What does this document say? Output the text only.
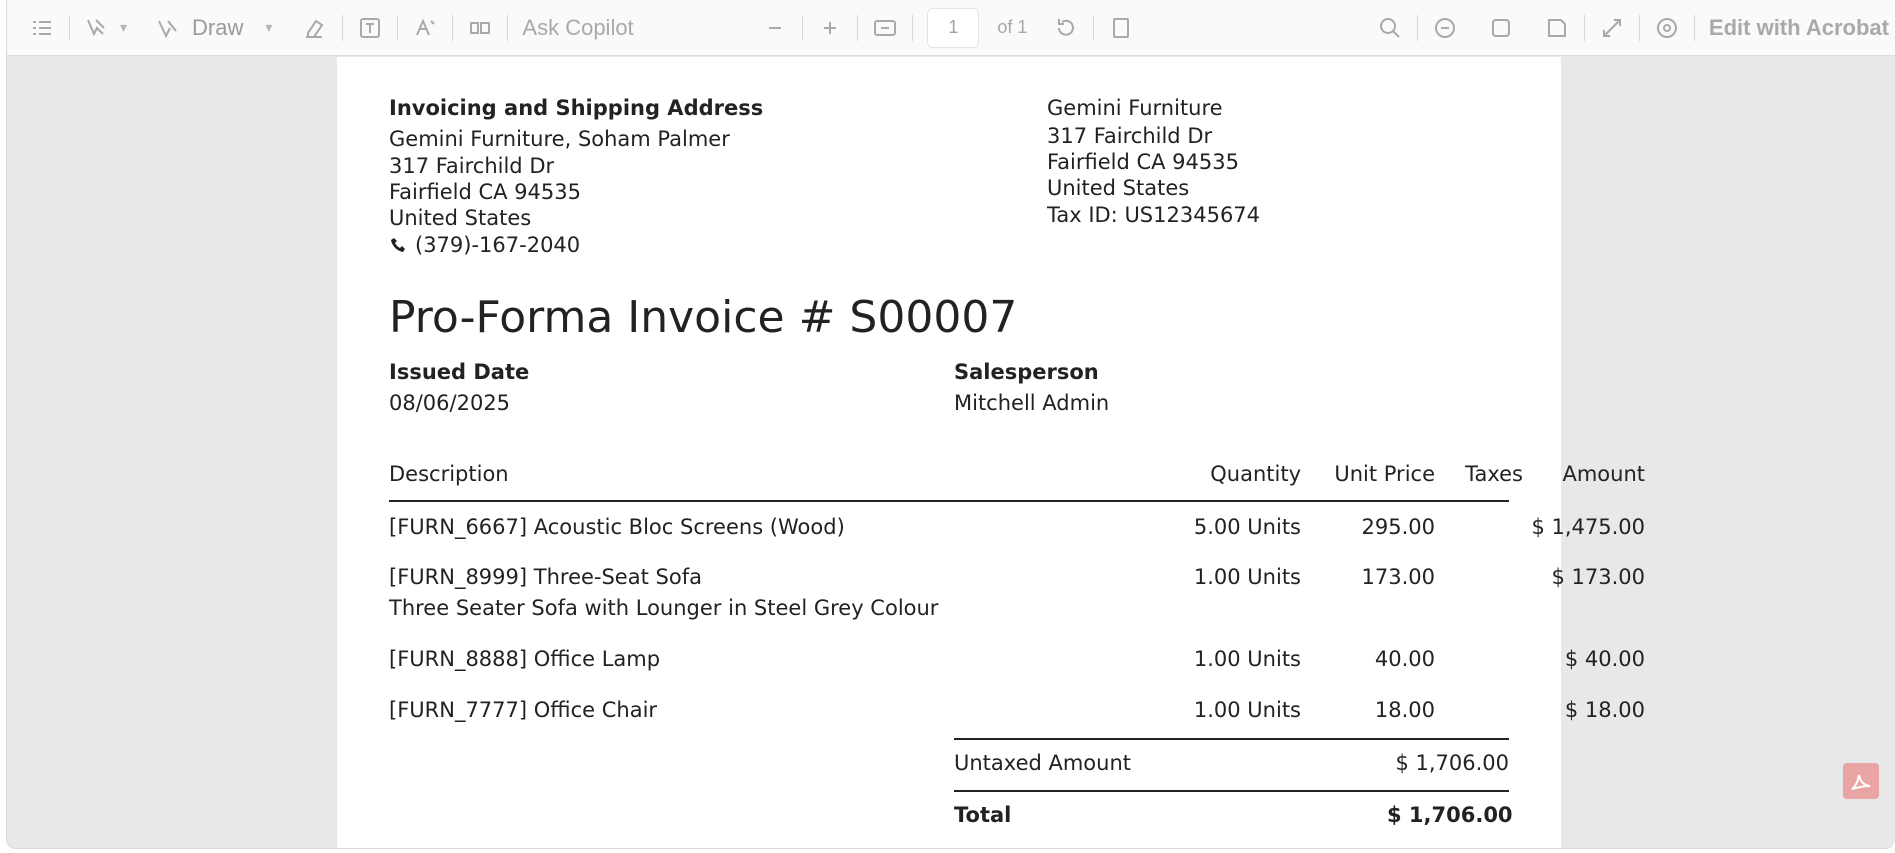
▾	Draw ▾	Ask Copilot
1	of 1	Edit with Acrobat
Invoicing and Shipping Address
Gemini Furniture, Soham Palmer
317 Fairchild Dr
Fairfield CA 94535
United States
(379)-167-2040
Gemini Furniture
317 Fairchild Dr
Fairfield CA 94535
United States
Tax ID: US12345674
Pro-Forma Invoice # S00007
Issued Date
08/06/2025
Salesperson
Mitchell Admin
Description	Quantity	Unit Price	Taxes	Amount
[FURN_6667] Acoustic Bloc Screens (Wood)	5.00 Units	295.00	$ 1,475.00
[FURN_8999] Three-Seat Sofa
Three Seater Sofa with Lounger in Steel Grey Colour
1.00 Units	173.00	$ 173.00
[FURN_8888] Office Lamp	1.00 Units	40.00	$ 40.00
[FURN_7777] Office Chair	1.00 Units	18.00	$ 18.00
Untaxed Amount	$ 1,706.00
Total	$ 1,706.00
